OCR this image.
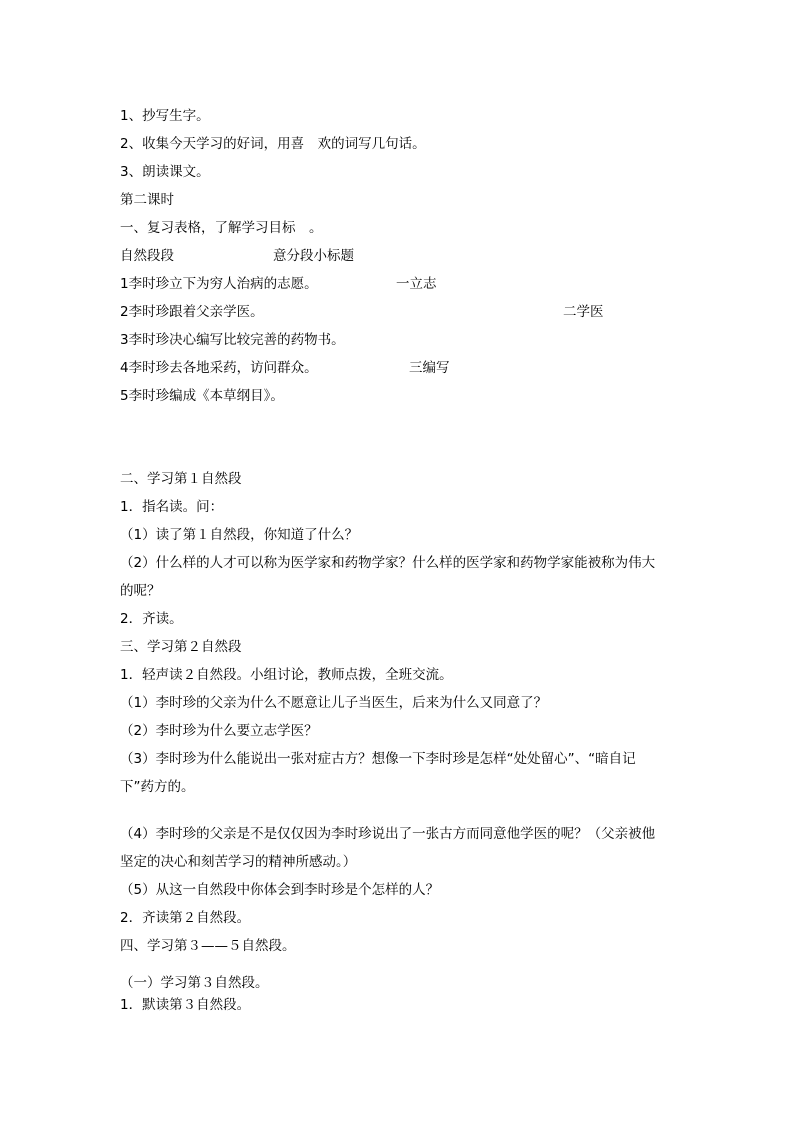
1、抄写生字。
2、收集今天学习的好词，用喜　欢的词写几句话。
3、朗读课文。
第二课时
一、复习表格，了解学习目标　。
自然段段	意分段小标题
1李时珍立下为穷人治病的志愿。	一立志
2李时珍跟着父亲学医。	二学医
3李时珍决心编写比较完善的药物书。
4李时珍去各地采药，访问群众。	三编写
5李时珍编成《本草纲目》。
二、学习第１自然段
1．指名读。问：
（1）读了第１自然段，你知道了什么？
（2）什么样的人才可以称为医学家和药物学家？什么样的医学家和药物学家能被称为伟大
的呢？
2．齐读。
三、学习第２自然段
1．轻声读２自然段。小组讨论，教师点拨，全班交流。
（1）李时珍的父亲为什么不愿意让儿子当医生，后来为什么又同意了？
（2）李时珍为什么要立志学医？
（3）李时珍为什么能说出一张对症古方？想像一下李时珍是怎样“处处留心”、“暗自记
下”药方的。
（4）李时珍的父亲是不是仅仅因为李时珍说出了一张古方而同意他学医的呢？（父亲被他
坚定的决心和刻苦学习的精神所感动。）
（5）从这一自然段中你体会到李时珍是个怎样的人？
2．齐读第２自然段。
四、学习第３——５自然段。
（一）学习第３自然段。
1．默读第３自然段。
